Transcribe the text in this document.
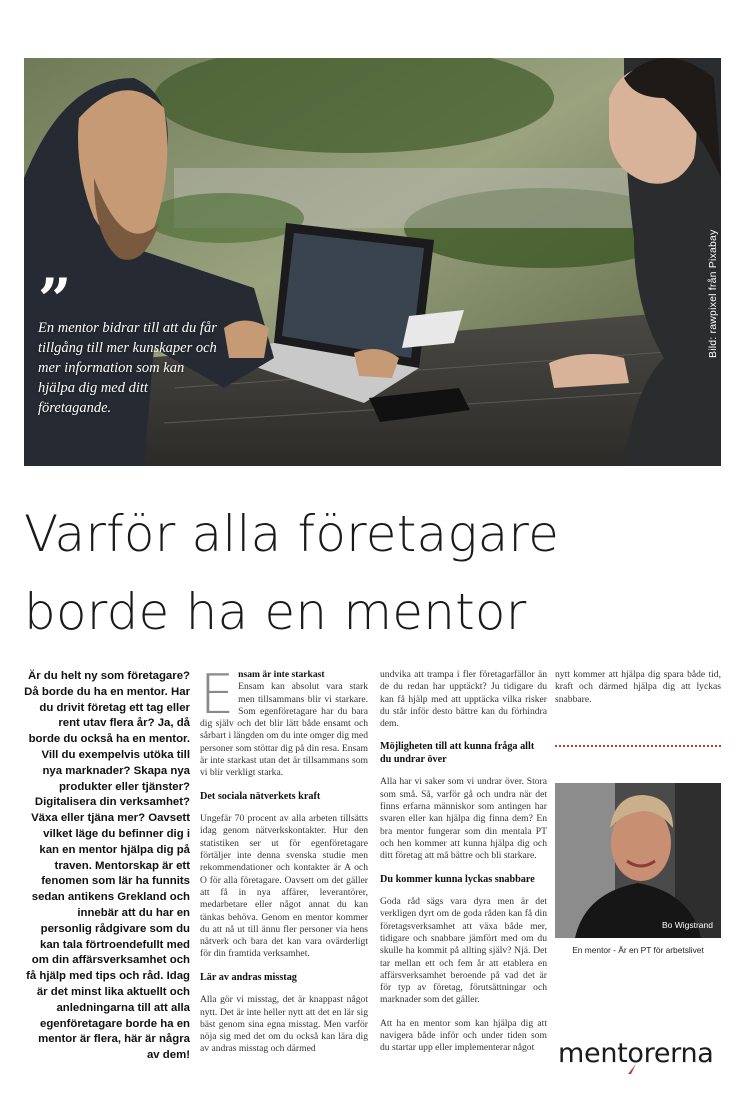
”
En mentor bidrar till att du får tillgång till mer kunskaper och mer information som kan hjälpa dig med ditt företagande.
Bild: rawpixel från Pixabay
Varför alla företagare
borde ha en mentor
Är du helt ny som företagare? Då borde du ha en mentor. Har du drivit företag ett tag eller rent utav flera år? Ja, då borde du också ha en mentor. Vill du exempelvis utöka till nya marknader? Skapa nya produkter eller tjänster? Digitalisera din verksamhet? Växa eller tjäna mer? Oavsett vilket läge du befinner dig i kan en mentor hjälpa dig på traven. Mentorskap är ett fenomen som lär ha funnits sedan antikens Grekland och innebär att du har en personlig rådgivare som du kan tala förtroendefullt med om din affärsverksamhet och få hjälp med tips och råd. Idag är det minst lika aktuellt och anledningarna till att alla egenföretagare borde ha en mentor är flera, här är några av dem!

E nsam är inte starkast
Ensam kan absolut vara stark men tillsammans blir vi starkare. Som egenföretagare har du bara dig själv och det blir lätt både ensamt och sårbart i längden om du inte omger dig med personer som stöttar dig på din resa. Ensam är inte starkast utan det är tillsammans som vi blir verkligt starka.

Det sociala nätverkets kraft

Ungefär 70 procent av alla arbeten tillsätts idag genom nätverkskontakter. Hur den statistiken ser ut för egenföretagare förtäljer inte denna svenska studie men rekommendationer och kontakter är A och O för alla företagare. Oavsett om det gäller att få in nya affärer, leverantörer, medarbetare eller något annat du kan tänkas behöva. Genom en mentor kommer du att nå ut till ännu fler personer via hens nätverk och bara det kan vara ovärderligt för din framtida verksamhet.

Lär av andras misstag

Alla gör vi misstag, det är knappast något nytt. Det är inte heller nytt att det en lär sig bäst genom sina egna misstag. Men varför nöja sig med det om du också kan lära dig av andras misstag och därmed

undvika att trampa i fler företagarfällor än de du redan har upptäckt? Ju tidigare du kan få hjälp med att upptäcka vilka risker du står inför desto bättre kan du förhindra dem.

Möjligheten till att kunna fråga allt du undrar över

Alla har vi saker som vi undrar över. Stora som små. Så, varför gå och undra när det finns erfarna människor som antingen har svaren eller kan hjälpa dig finna dem? En bra mentor fungerar som din mentala PT och hen kommer att kunna hjälpa dig och ditt företag att må bättre och bli starkare.

Du kommer kunna lyckas snabbare

Goda råd sägs vara dyra men är det verkligen dyrt om de goda råden kan få din företagsverksamhet att växa både mer, tidigare och snabbare jämfört med om du skulle ha kommit på allting själv? Njä. Det tar mellan ett och fem år att etablera en affärsverksamhet beroende på vad det är för typ av företag, förutsättningar och marknader som det gäller.

Att ha en mentor som kan hjälpa dig att navigera både inför och under tiden som du startar upp eller implementerar något

nytt kommer att hjälpa dig spara både tid, kraft och därmed hjälpa dig att lyckas snabbare.

Bo Wigstrand
En mentor - Är en PT för arbetslivet
mentorerna
